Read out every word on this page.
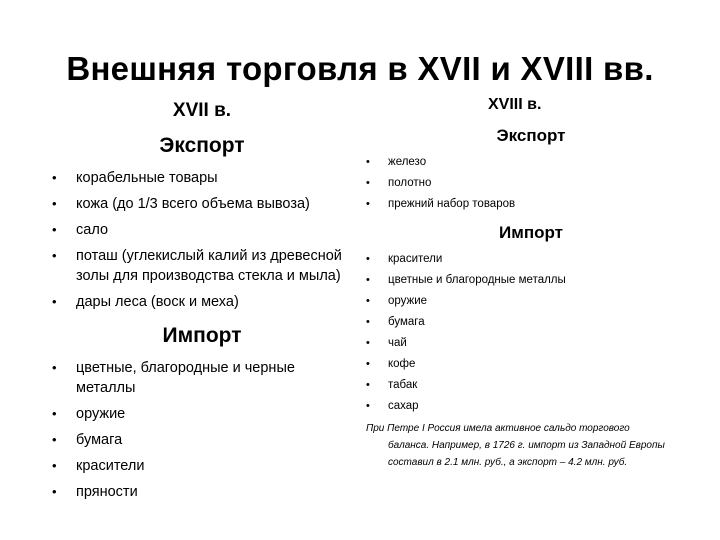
Внешняя торговля в XVII и XVIII вв.
XVII в.
Экспорт
• корабельные товары
• кожа (до 1/3 всего объема вывоза)
• сало
• поташ (углекислый калий из древесной золы для производства стекла и мыла)
• дары леса (воск и меха)
Импорт
• цветные, благородные и черные металлы
• оружие
• бумага
• красители
• пряности
XVIII в.
Экспорт
• железо
• полотно
• прежний набор товаров
Импорт
• красители
• цветные и благородные металлы
• оружие
• бумага
• чай
• кофе
• табак
• сахар
При Петре I Россия имела активное сальдо торгового
баланса. Например, в 1726 г. импорт из Западной Европы составил в 2.1 млн. руб., а экспорт – 4.2 млн. руб.
